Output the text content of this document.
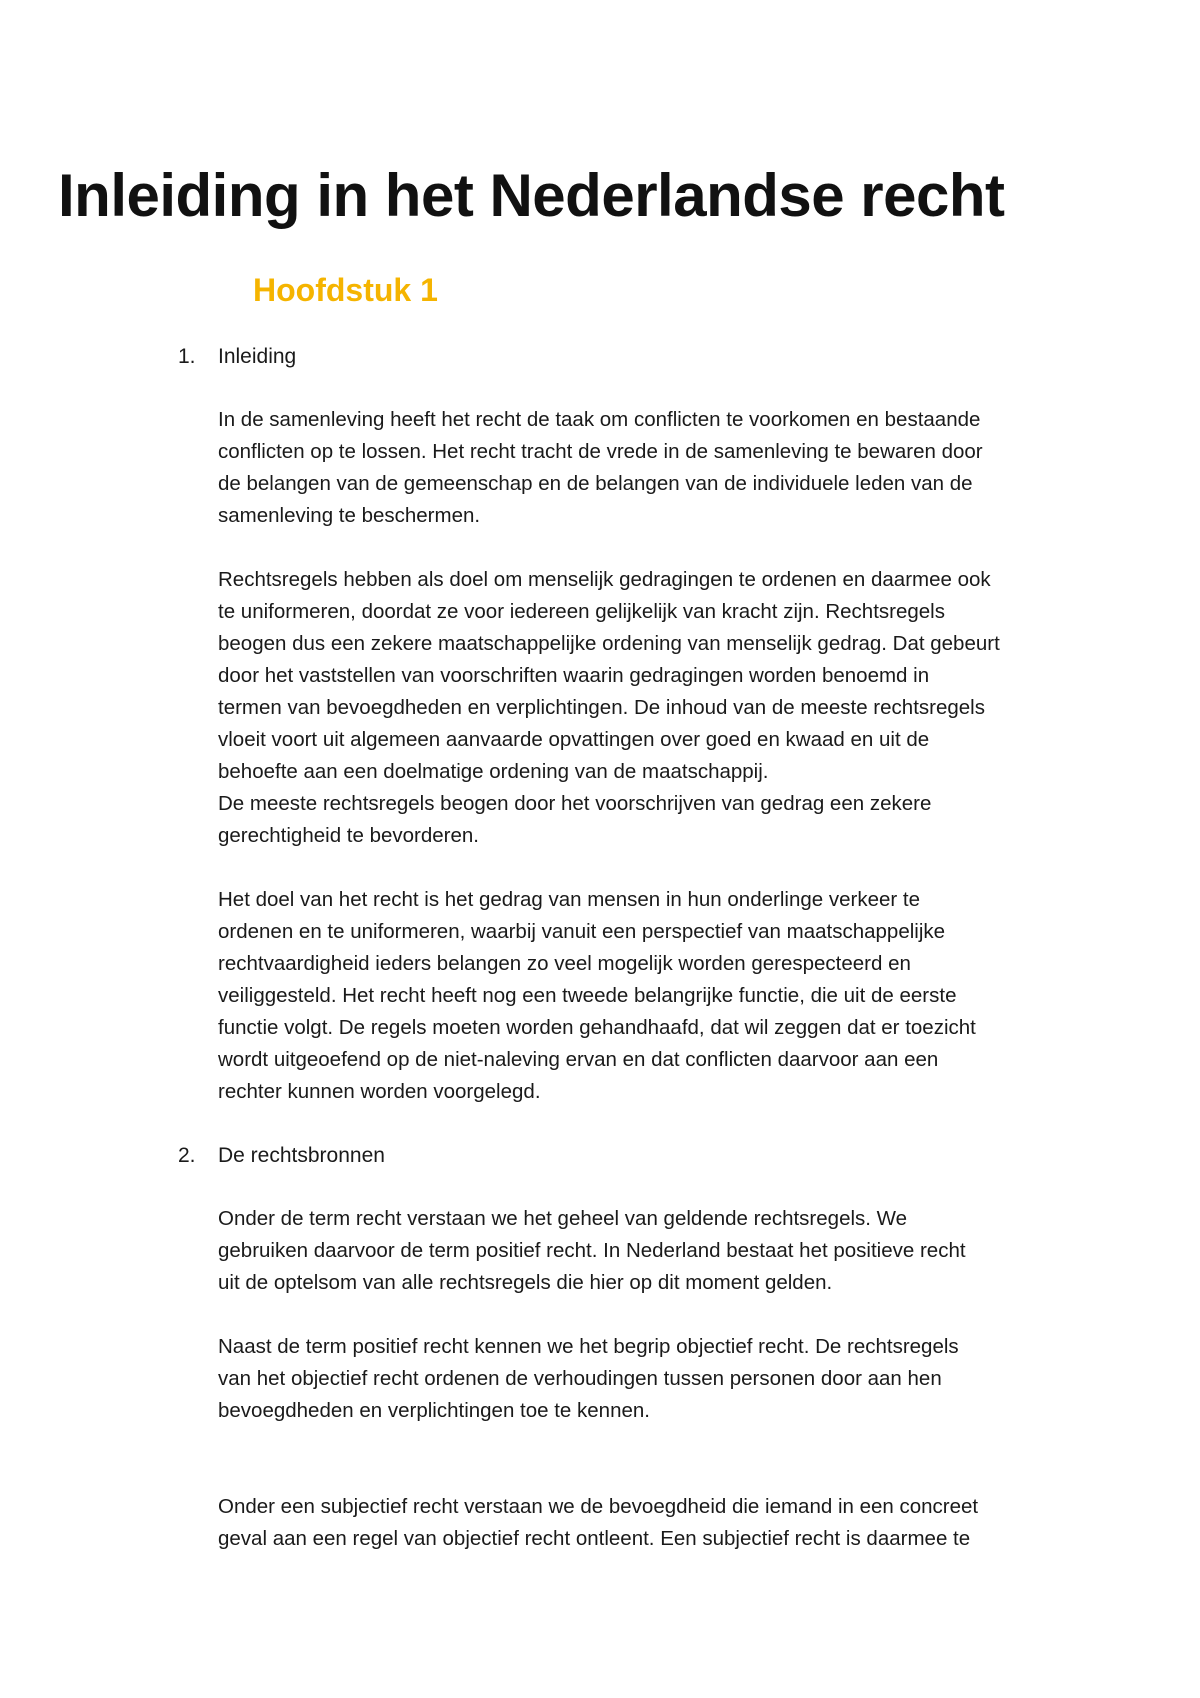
Inleiding in het Nederlandse recht
Hoofdstuk 1
1. Inleiding
In de samenleving heeft het recht de taak om conflicten te voorkomen en bestaande
conflicten op te lossen. Het recht tracht de vrede in de samenleving te bewaren door
de belangen van de gemeenschap en de belangen van de individuele leden van de
samenleving te beschermen.
Rechtsregels hebben als doel om menselijk gedragingen te ordenen en daarmee ook
te uniformeren, doordat ze voor iedereen gelijkelijk van kracht zijn. Rechtsregels
beogen dus een zekere maatschappelijke ordening van menselijk gedrag. Dat gebeurt
door het vaststellen van voorschriften waarin gedragingen worden benoemd in
termen van bevoegdheden en verplichtingen. De inhoud van de meeste rechtsregels
vloeit voort uit algemeen aanvaarde opvattingen over goed en kwaad en uit de
behoefte aan een doelmatige ordening van de maatschappij.
De meeste rechtsregels beogen door het voorschrijven van gedrag een zekere
gerechtigheid te bevorderen.
Het doel van het recht is het gedrag van mensen in hun onderlinge verkeer te
ordenen en te uniformeren, waarbij vanuit een perspectief van maatschappelijke
rechtvaardigheid ieders belangen zo veel mogelijk worden gerespecteerd en
veiliggesteld. Het recht heeft nog een tweede belangrijke functie, die uit de eerste
functie volgt. De regels moeten worden gehandhaafd, dat wil zeggen dat er toezicht
wordt uitgeoefend op de niet-naleving ervan en dat conflicten daarvoor aan een
rechter kunnen worden voorgelegd.
2. De rechtsbronnen
Onder de term recht verstaan we het geheel van geldende rechtsregels. We
gebruiken daarvoor de term positief recht. In Nederland bestaat het positieve recht
uit de optelsom van alle rechtsregels die hier op dit moment gelden.
Naast de term positief recht kennen we het begrip objectief recht. De rechtsregels
van het objectief recht ordenen de verhoudingen tussen personen door aan hen
bevoegdheden en verplichtingen toe te kennen.
Onder een subjectief recht verstaan we de bevoegdheid die iemand in een concreet
geval aan een regel van objectief recht ontleent. Een subjectief recht is daarmee te
